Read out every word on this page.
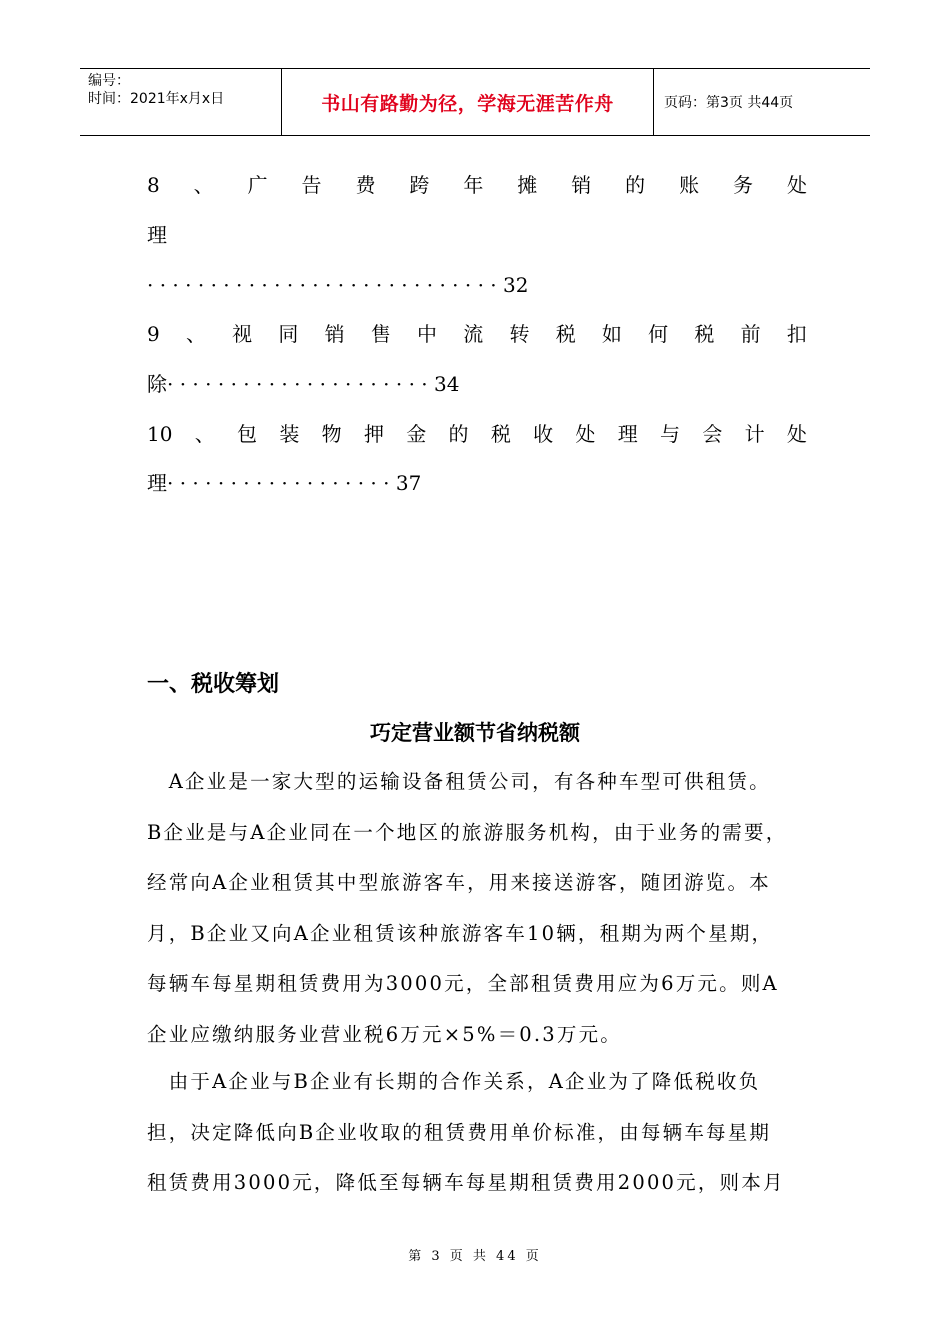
编号：
时间：2021年x月x日	书山有路勤为径，学海无涯苦作舟	页码：第3页 共44页
8 、 广 告 费 跨 年 摊 销 的 账 务 处
理
· · · · · · · · · · · · · · · · · · · · · · · · · · · · 32
9 、 视 同 销 售 中 流 转 税 如 何 税 前 扣
除· · · · · · · · · · · · · · · · · · · · · 34
10 、 包 装 物 押 金 的 税 收 处 理 与 会 计 处
理· · · · · · · · · · · · · · · · · · 37
一、税收筹划
巧定营业额节省纳税额
　A企业是一家大型的运输设备租赁公司，有各种车型可供租赁。
B企业是与A企业同在一个地区的旅游服务机构，由于业务的需要，
经常向A企业租赁其中型旅游客车，用来接送游客，随团游览。本
月，B企业又向A企业租赁该种旅游客车10辆，租期为两个星期，
每辆车每星期租赁费用为3000元，全部租赁费用应为6万元。则A
企业应缴纳服务业营业税6万元×5%＝0.3万元。
　由于A企业与B企业有长期的合作关系，A企业为了降低税收负
担，决定降低向B企业收取的租赁费用单价标准，由每辆车每星期
租赁费用3000元，降低至每辆车每星期租赁费用2000元，则本月
第 3 页 共 44 页
